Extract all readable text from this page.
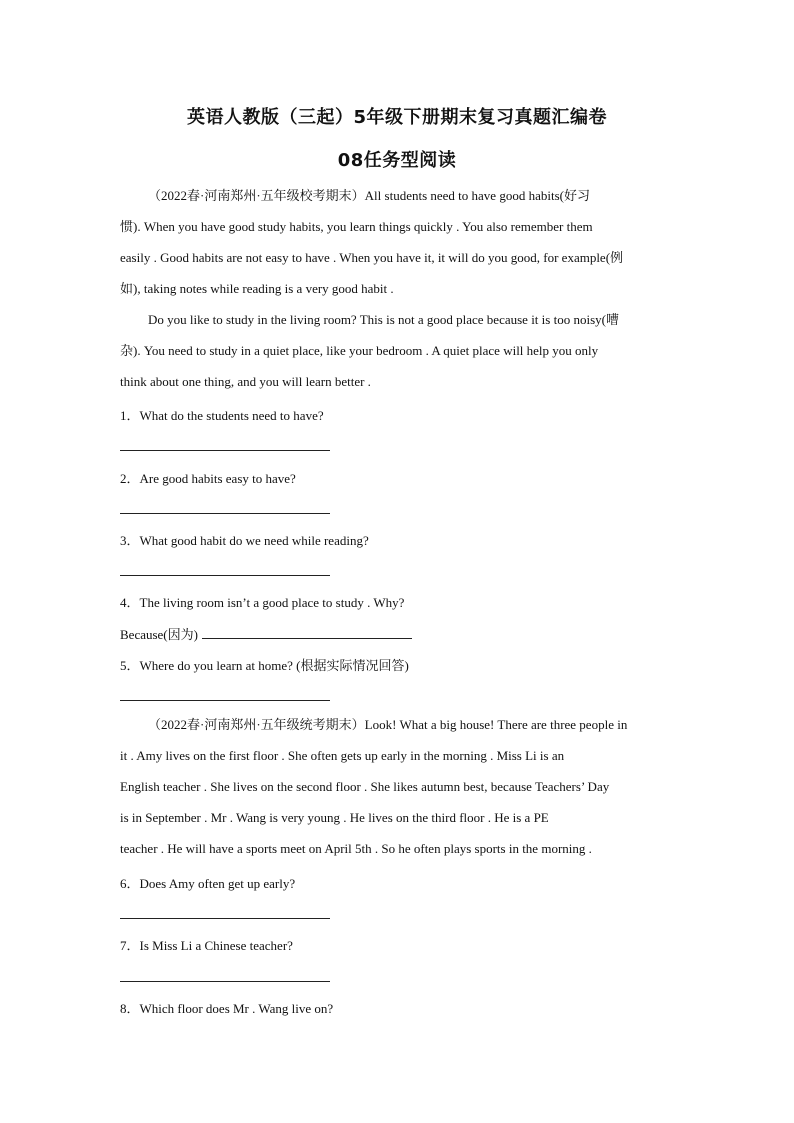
英语人教版（三起）5年级下册期末复习真题汇编卷
08任务型阅读
（2022春·河南郑州·五年级校考期末）All students need to have good habits(好习
惯). When you have good study habits, you learn things quickly . You also remember them
easily . Good habits are not easy to have . When you have it, it will do you good, for example(例
如), taking notes while reading is a very good habit .
Do you like to study in the living room? This is not a good place because it is too noisy(嘈
杂). You need to study in a quiet place, like your bedroom . A quiet place will help you only
think about one thing, and you will learn better .
1．What do the students need to have?
2．Are good habits easy to have?
3．What good habit do we need while reading?
4．The living room isn’t a good place to study . Why?
Because(因为)
5．Where do you learn at home? (根据实际情况回答)
（2022春·河南郑州·五年级统考期末）Look! What a big house! There are three people in
it . Amy lives on the first floor . She often gets up early in the morning . Miss Li is an
English teacher . She lives on the second floor . She likes autumn best, because Teachers’ Day
is in September . Mr . Wang is very young . He lives on the third floor . He is a PE
teacher . He will have a sports meet on April 5th . So he often plays sports in the morning .
6．Does Amy often get up early?
7．Is Miss Li a Chinese teacher?
8．Which floor does Mr . Wang live on?
